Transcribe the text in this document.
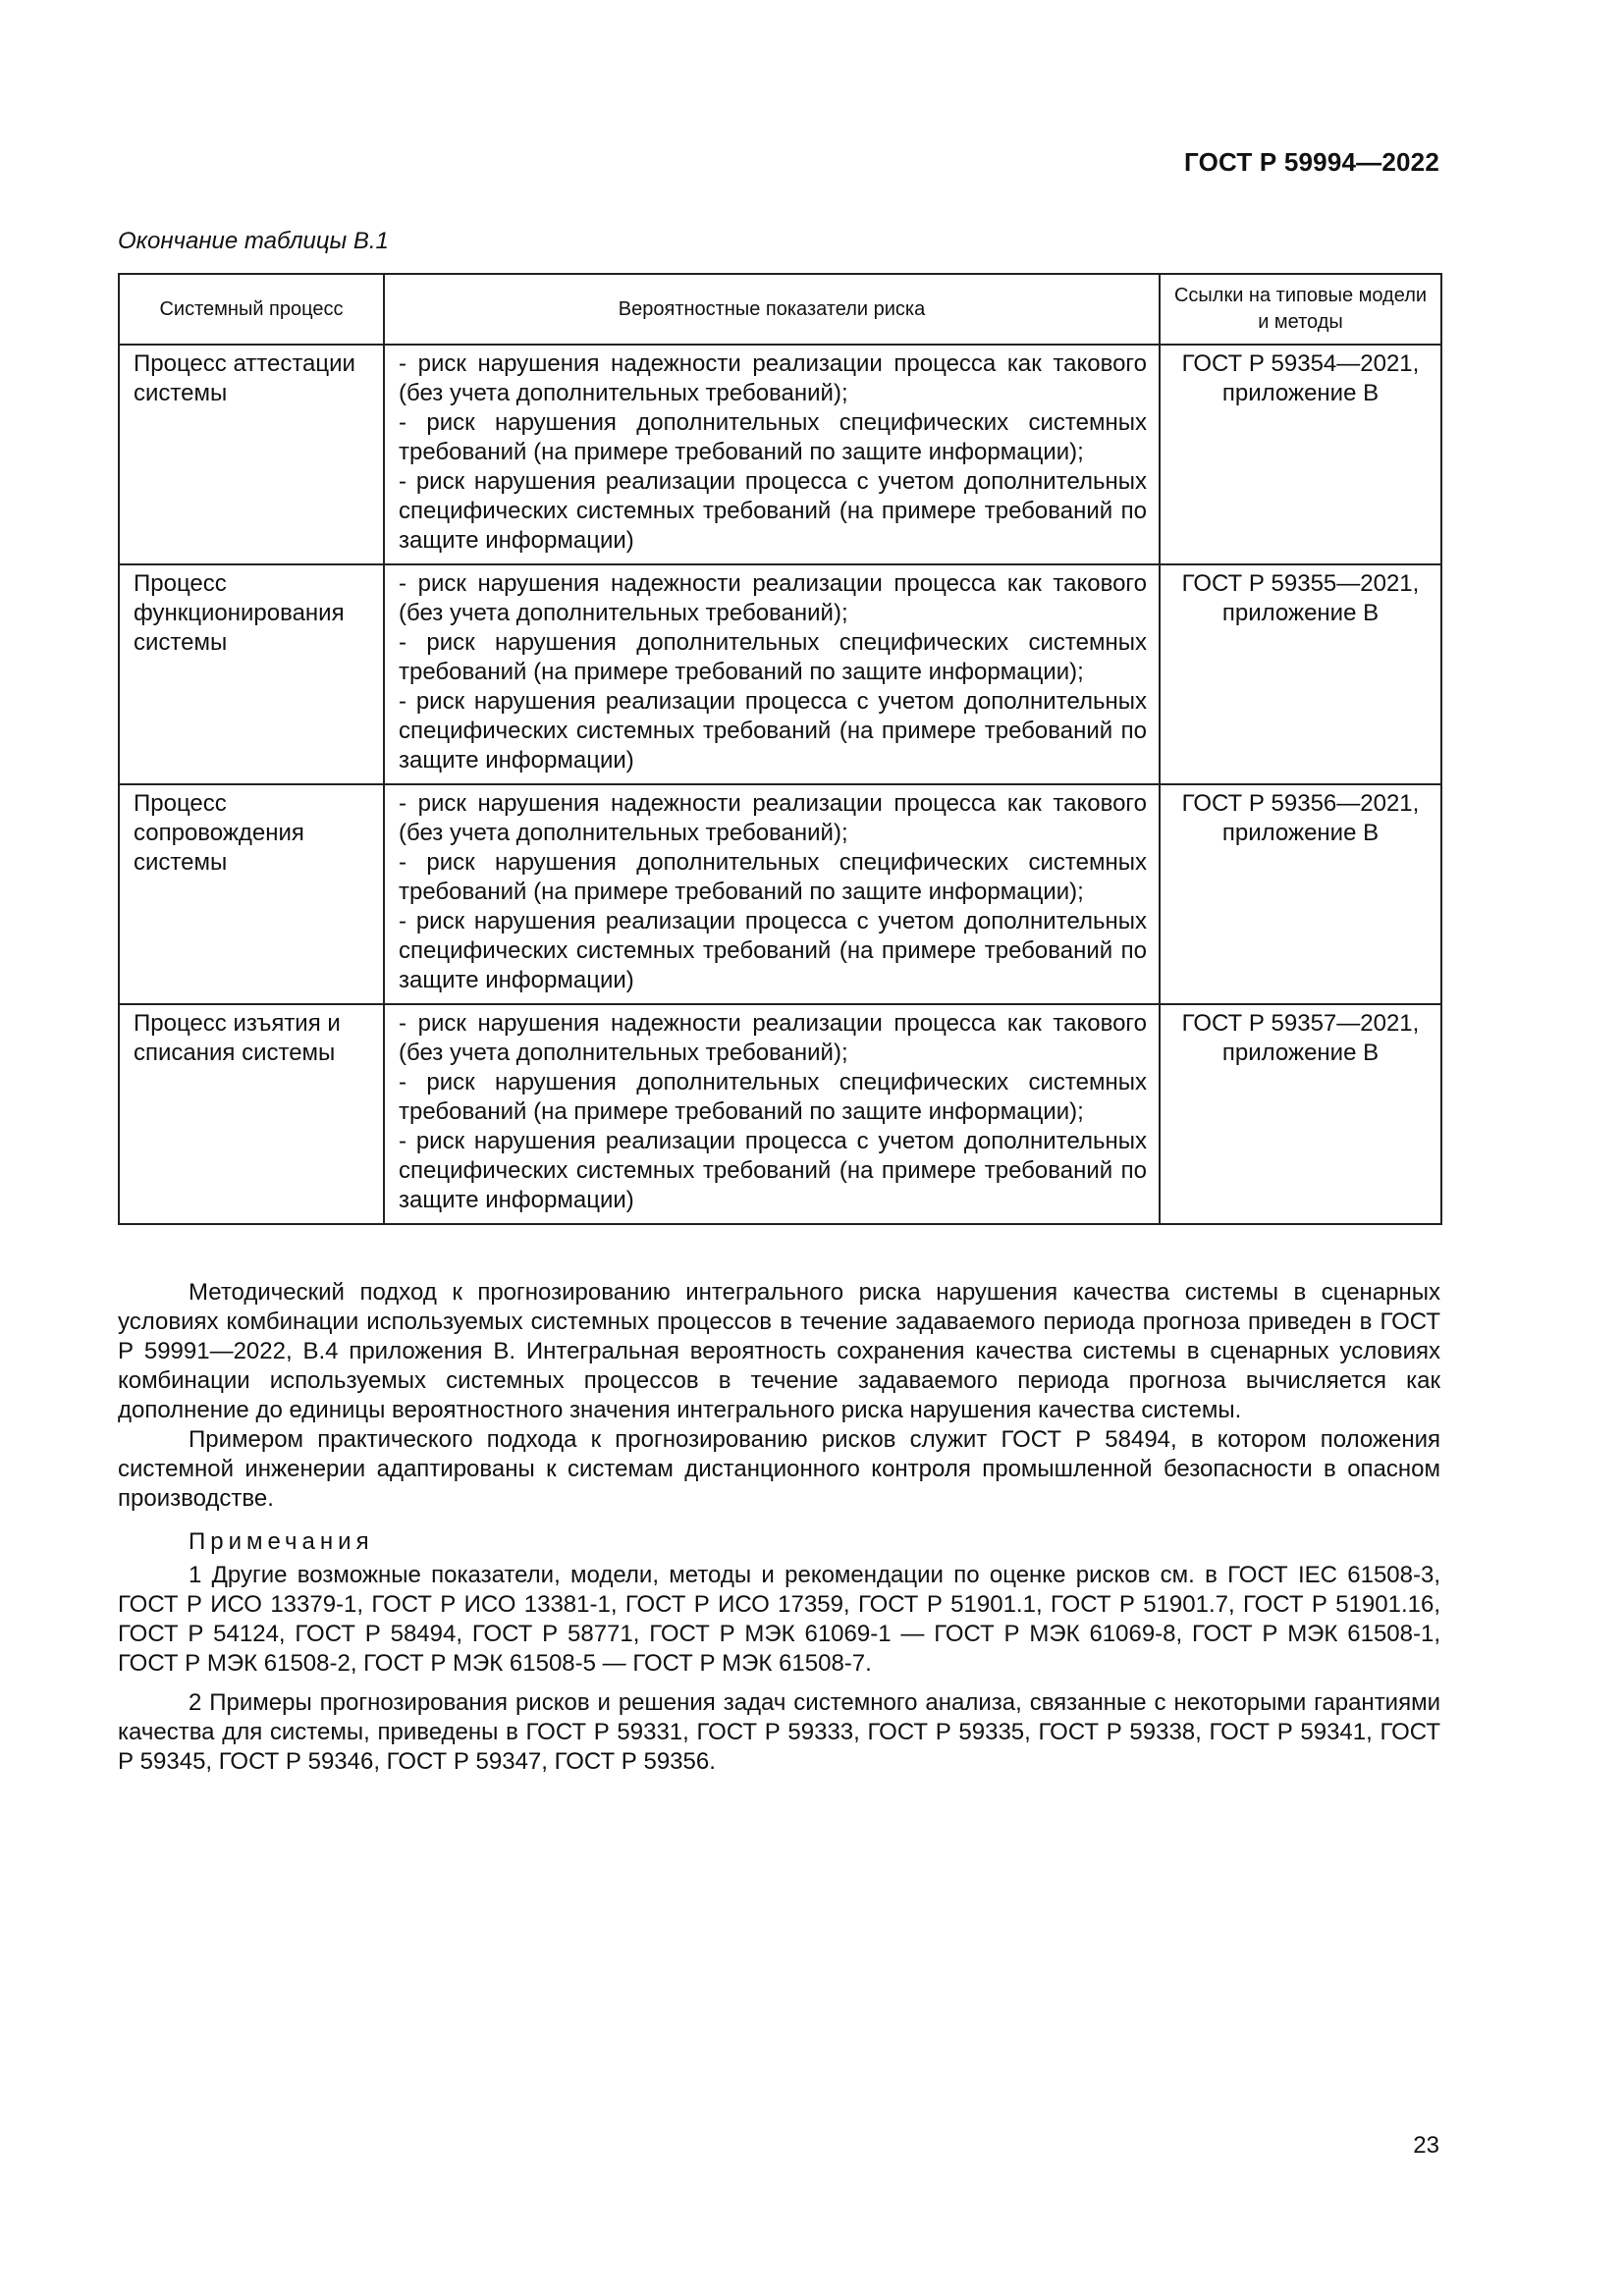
ГОСТ Р 59994—2022
Окончание таблицы В.1
Системный процесс	Вероятностные показатели риска	Ссылки на типовые модели и методы
Процесс аттестации системы	- риск нарушения надежности реализации процесса как такового (без учета дополнительных требований);
- риск нарушения дополнительных специфических системных требований (на примере требований по защите информации);
- риск нарушения реализации процесса с учетом дополнительных специфических системных требований (на примере требований по защите информации)	ГОСТ Р 59354—2021, приложение В
Процесс функционирования системы	- риск нарушения надежности реализации процесса как такового (без учета дополнительных требований);
- риск нарушения дополнительных специфических системных требований (на примере требований по защите информации);
- риск нарушения реализации процесса с учетом дополнительных специфических системных требований (на примере требований по защите информации)	ГОСТ Р 59355—2021, приложение В
Процесс сопровождения системы	- риск нарушения надежности реализации процесса как такового (без учета дополнительных требований);
- риск нарушения дополнительных специфических системных требований (на примере требований по защите информации);
- риск нарушения реализации процесса с учетом дополнительных специфических системных требований (на примере требований по защите информации)	ГОСТ Р 59356—2021, приложение В
Процесс изъятия и списания системы	- риск нарушения надежности реализации процесса как такового (без учета дополнительных требований);
- риск нарушения дополнительных специфических системных требований (на примере требований по защите информации);
- риск нарушения реализации процесса с учетом дополнительных специфических системных требований (на примере требований по защите информации)	ГОСТ Р 59357—2021, приложение В

Методический подход к прогнозированию интегрального риска нарушения качества системы в сценарных условиях комбинации используемых системных процессов в течение задаваемого периода прогноза приведен в ГОСТ Р 59991—2022, В.4 приложения В. Интегральная вероятность сохранения качества системы в сценарных условиях комбинации используемых системных процессов в течение задаваемого периода прогноза вычисляется как дополнение до единицы вероятностного значения интегрального риска нарушения качества системы.

Примером практического подхода к прогнозированию рисков служит ГОСТ Р 58494, в котором положения системной инженерии адаптированы к системам дистанционного контроля промышленной безопасности в опасном производстве.

Примечания

1 Другие возможные показатели, модели, методы и рекомендации по оценке рисков см. в ГОСТ IEC 61508-3, ГОСТ Р ИСО 13379-1, ГОСТ Р ИСО 13381-1, ГОСТ Р ИСО 17359, ГОСТ Р 51901.1, ГОСТ Р 51901.7, ГОСТ Р 51901.16, ГОСТ Р 54124, ГОСТ Р 58494, ГОСТ Р 58771, ГОСТ Р МЭК 61069-1 — ГОСТ Р МЭК 61069-8, ГОСТ Р МЭК 61508-1, ГОСТ Р МЭК 61508-2, ГОСТ Р МЭК 61508-5 — ГОСТ Р МЭК 61508-7.

2 Примеры прогнозирования рисков и решения задач системного анализа, связанные с некоторыми гарантиями качества для системы, приведены в ГОСТ Р 59331, ГОСТ Р 59333, ГОСТ Р 59335, ГОСТ Р 59338, ГОСТ Р 59341, ГОСТ Р 59345, ГОСТ Р 59346, ГОСТ Р 59347, ГОСТ Р 59356.

23
